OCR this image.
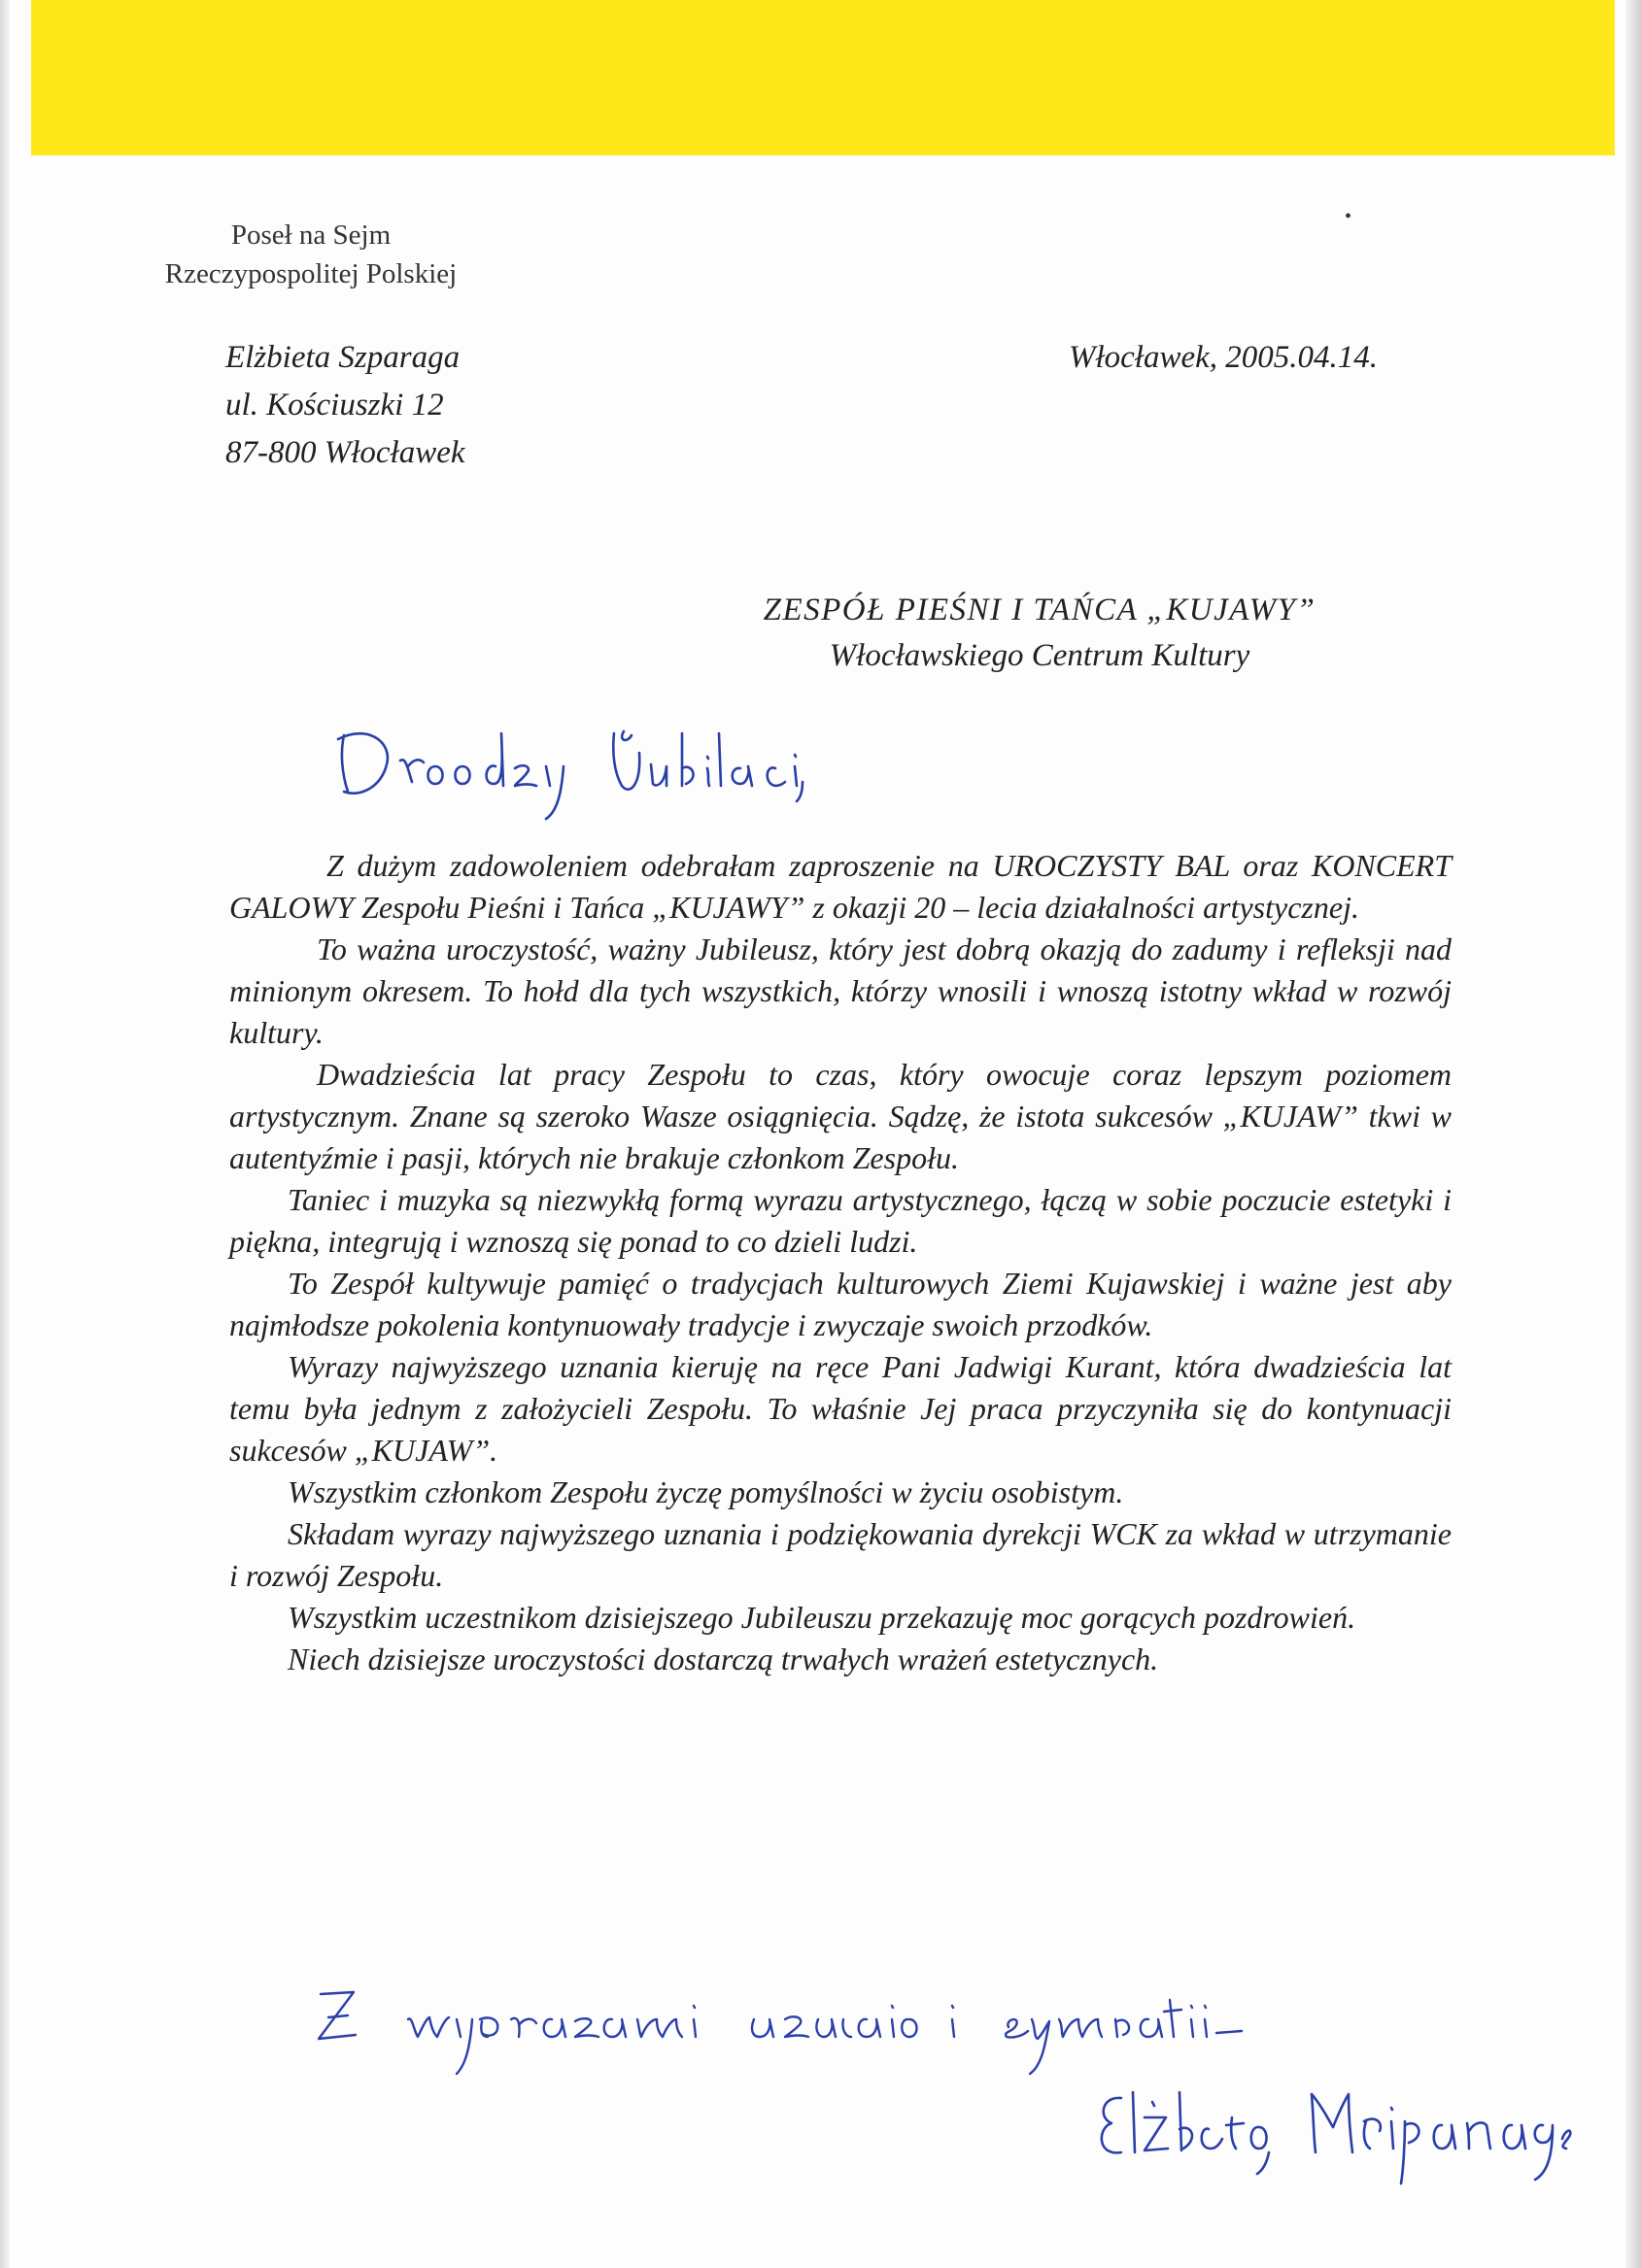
•
Poseł na Sejm
Rzeczypospolitej Polskiej
Elżbieta Szparaga
ul. Kościuszki 12
87-800 Włocławek
Włocławek, 2005.04.14.
ZESPÓŁ PIEŚNI I TAŃCA „KUJAWY”
Włocławskiego Centrum Kultury

Z dużym zadowoleniem odebrałam zaproszenie na UROCZYSTY BAL oraz KONCERT GALOWY Zespołu Pieśni i Tańca „KUJAWY” z okazji 20 – lecia działalności artystycznej.

To ważna uroczystość, ważny Jubileusz, który jest dobrą okazją do zadumy i refleksji nad minionym okresem. To hołd dla tych wszystkich, którzy wnosili i wnoszą istotny wkład w rozwój kultury.

Dwadzieścia lat pracy Zespołu to czas, który owocuje coraz lepszym poziomem artystycznym. Znane są szeroko Wasze osiągnięcia. Sądzę, że istota sukcesów „KUJAW” tkwi w autentyźmie i pasji, których nie brakuje członkom Zespołu.

Taniec i muzyka są niezwykłą formą wyrazu artystycznego, łączą w sobie poczucie estetyki i piękna, integrują i wznoszą się ponad to co dzieli ludzi.

To Zespół kultywuje pamięć o tradycjach kulturowych Ziemi Kujawskiej i ważne jest aby najmłodsze pokolenia kontynuowały tradycje i zwyczaje swoich przodków.

Wyrazy najwyższego uznania kieruję na ręce Pani Jadwigi Kurant, która dwadzieścia lat temu była jednym z założycieli Zespołu. To właśnie Jej praca przyczyniła się do kontynuacji sukcesów „KUJAW”.

Wszystkim członkom Zespołu życzę pomyślności w życiu osobistym.

Składam wyrazy najwyższego uznania i podziękowania dyrekcji WCK za wkład w utrzymanie i rozwój Zespołu.

Wszystkim uczestnikom dzisiejszego Jubileuszu przekazuję moc gorących pozdrowień.

Niech dzisiejsze uroczystości dostarczą trwałych wrażeń estetycznych.
